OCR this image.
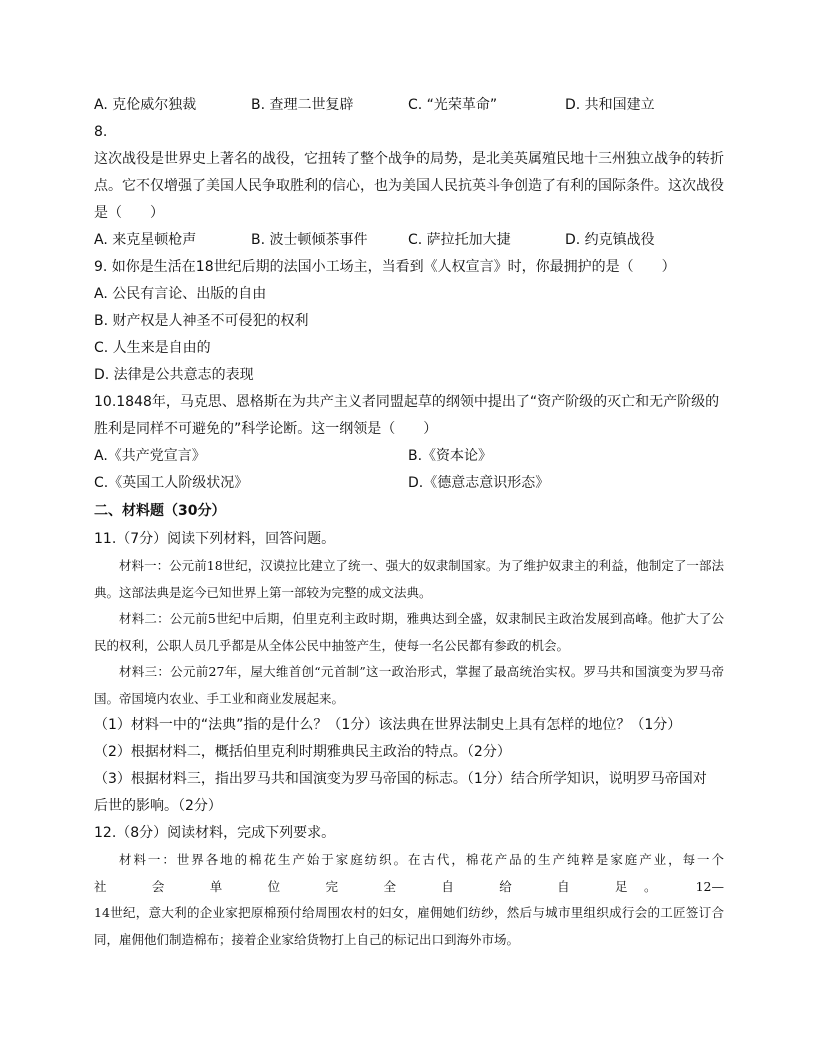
A. 克伦威尔独裁	B. 查理二世复辟	C. “光荣革命”	D. 共和国建立
8.
这次战役是世界史上著名的战役，它扭转了整个战争的局势，是北美英属殖民地十三州独立战争的转折点。它不仅增强了美国人民争取胜利的信心，也为美国人民抗英斗争创造了有利的国际条件。这次战役是（　　）
A. 来克星顿枪声	B. 波士顿倾茶事件	C. 萨拉托加大捷	D. 约克镇战役
9. 如你是生活在18世纪后期的法国小工场主，当看到《人权宣言》时，你最拥护的是（　　）
A. 公民有言论、出版的自由
B. 财产权是人神圣不可侵犯的权利
C. 人生来是自由的
D. 法律是公共意志的表现
10.1848年，马克思、恩格斯在为共产主义者同盟起草的纲领中提出了“资产阶级的灭亡和无产阶级的胜利是同样不可避免的”科学论断。这一纲领是（　　）
A.《共产党宣言》	B.《资本论》
C.《英国工人阶级状况》	D.《德意志意识形态》
二、材料题（30分）
11.（7分）阅读下列材料，回答问题。
材料一：公元前18世纪，汉谟拉比建立了统一、强大的奴隶制国家。为了维护奴隶主的利益，他制定了一部法典。这部法典是迄今已知世界上第一部较为完整的成文法典。
材料二：公元前5世纪中后期，伯里克利主政时期，雅典达到全盛，奴隶制民主政治发展到高峰。他扩大了公民的权利，公职人员几乎都是从全体公民中抽签产生，使每一名公民都有参政的机会。
材料三：公元前27年，屋大维首创“元首制”这一政治形式，掌握了最高统治实权。罗马共和国演变为罗马帝国。帝国境内农业、手工业和商业发展起来。
（1）材料一中的“法典”指的是什么？（1分）该法典在世界法制史上具有怎样的地位？（1分）
（2）根据材料二，概括伯里克利时期雅典民主政治的特点。（2分）
（3）根据材料三，指出罗马共和国演变为罗马帝国的标志。（1分）结合所学知识，说明罗马帝国对
后世的影响。（2分）
12.（8分）阅读材料，完成下列要求。
材料一：世界各地的棉花生产始于家庭纺织。在古代，棉花产品的生产纯粹是家庭产业，每一个
社　会　单　位　完　全　自　给　自　足。　12—
14世纪，意大利的企业家把原棉预付给周围农村的妇女，雇佣她们纺纱，然后与城市里组织成行会的工匠签订合同，雇佣他们制造棉布；接着企业家给货物打上自己的标记出口到海外市场。
